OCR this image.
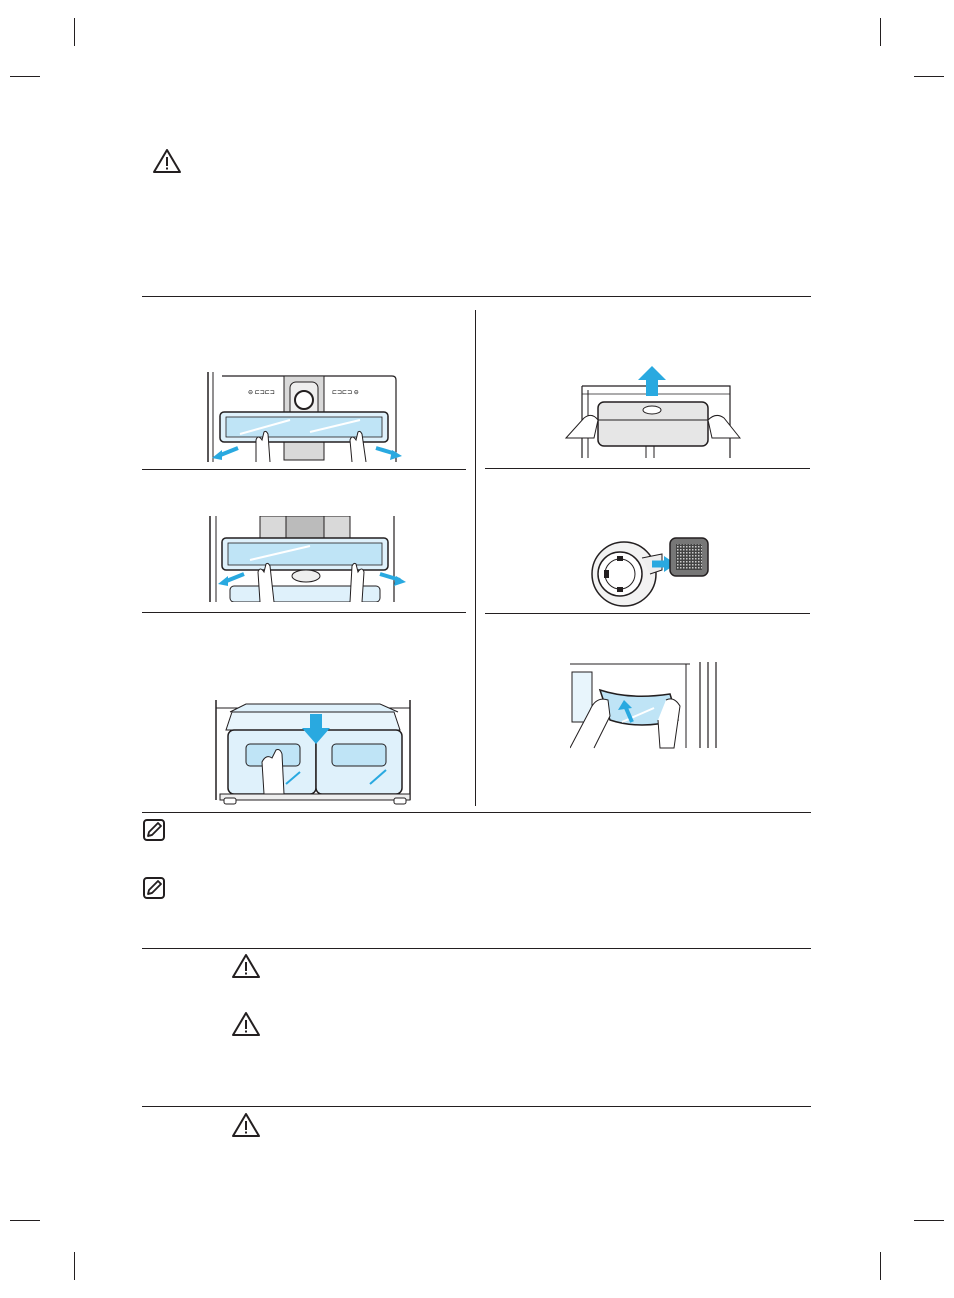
⊖ ⊏⊐⊏⊐	⊏⊐⊏⊐ ⊖
